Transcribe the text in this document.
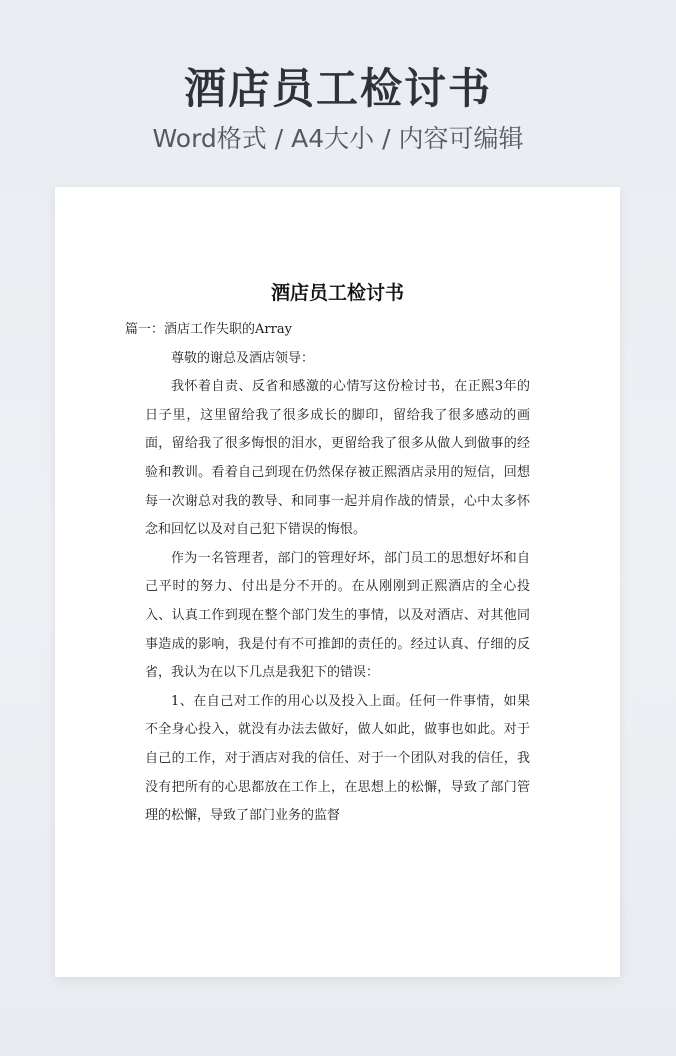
酒店员工检讨书
Word格式 / A4大小 / 内容可编辑
酒店员工检讨书

篇一：酒店工作失职的Array

尊敬的谢总及酒店领导：

我怀着自责、反省和感激的心情写这份检讨书，在正熙3年的日子里，这里留给我了很多成长的脚印，留给我了很多感动的画面，留给我了很多悔恨的泪水，更留给我了很多从做人到做事的经验和教训。看着自己到现在仍然保存被正熙酒店录用的短信，回想每一次谢总对我的教导、和同事一起并肩作战的情景，心中太多怀念和回忆以及对自己犯下错误的悔恨。

作为一名管理者，部门的管理好坏，部门员工的思想好坏和自己平时的努力、付出是分不开的。在从刚刚到正熙酒店的全心投入、认真工作到现在整个部门发生的事情，以及对酒店、对其他同事造成的影响，我是付有不可推卸的责任的。经过认真、仔细的反省，我认为在以下几点是我犯下的错误：

1、在自己对工作的用心以及投入上面。任何一件事情，如果不全身心投入，就没有办法去做好，做人如此，做事也如此。对于自己的工作，对于酒店对我的信任、对于一个团队对我的信任，我没有把所有的心思都放在工作上，在思想上的松懈，导致了部门管理的松懈，导致了部门业务的监督
